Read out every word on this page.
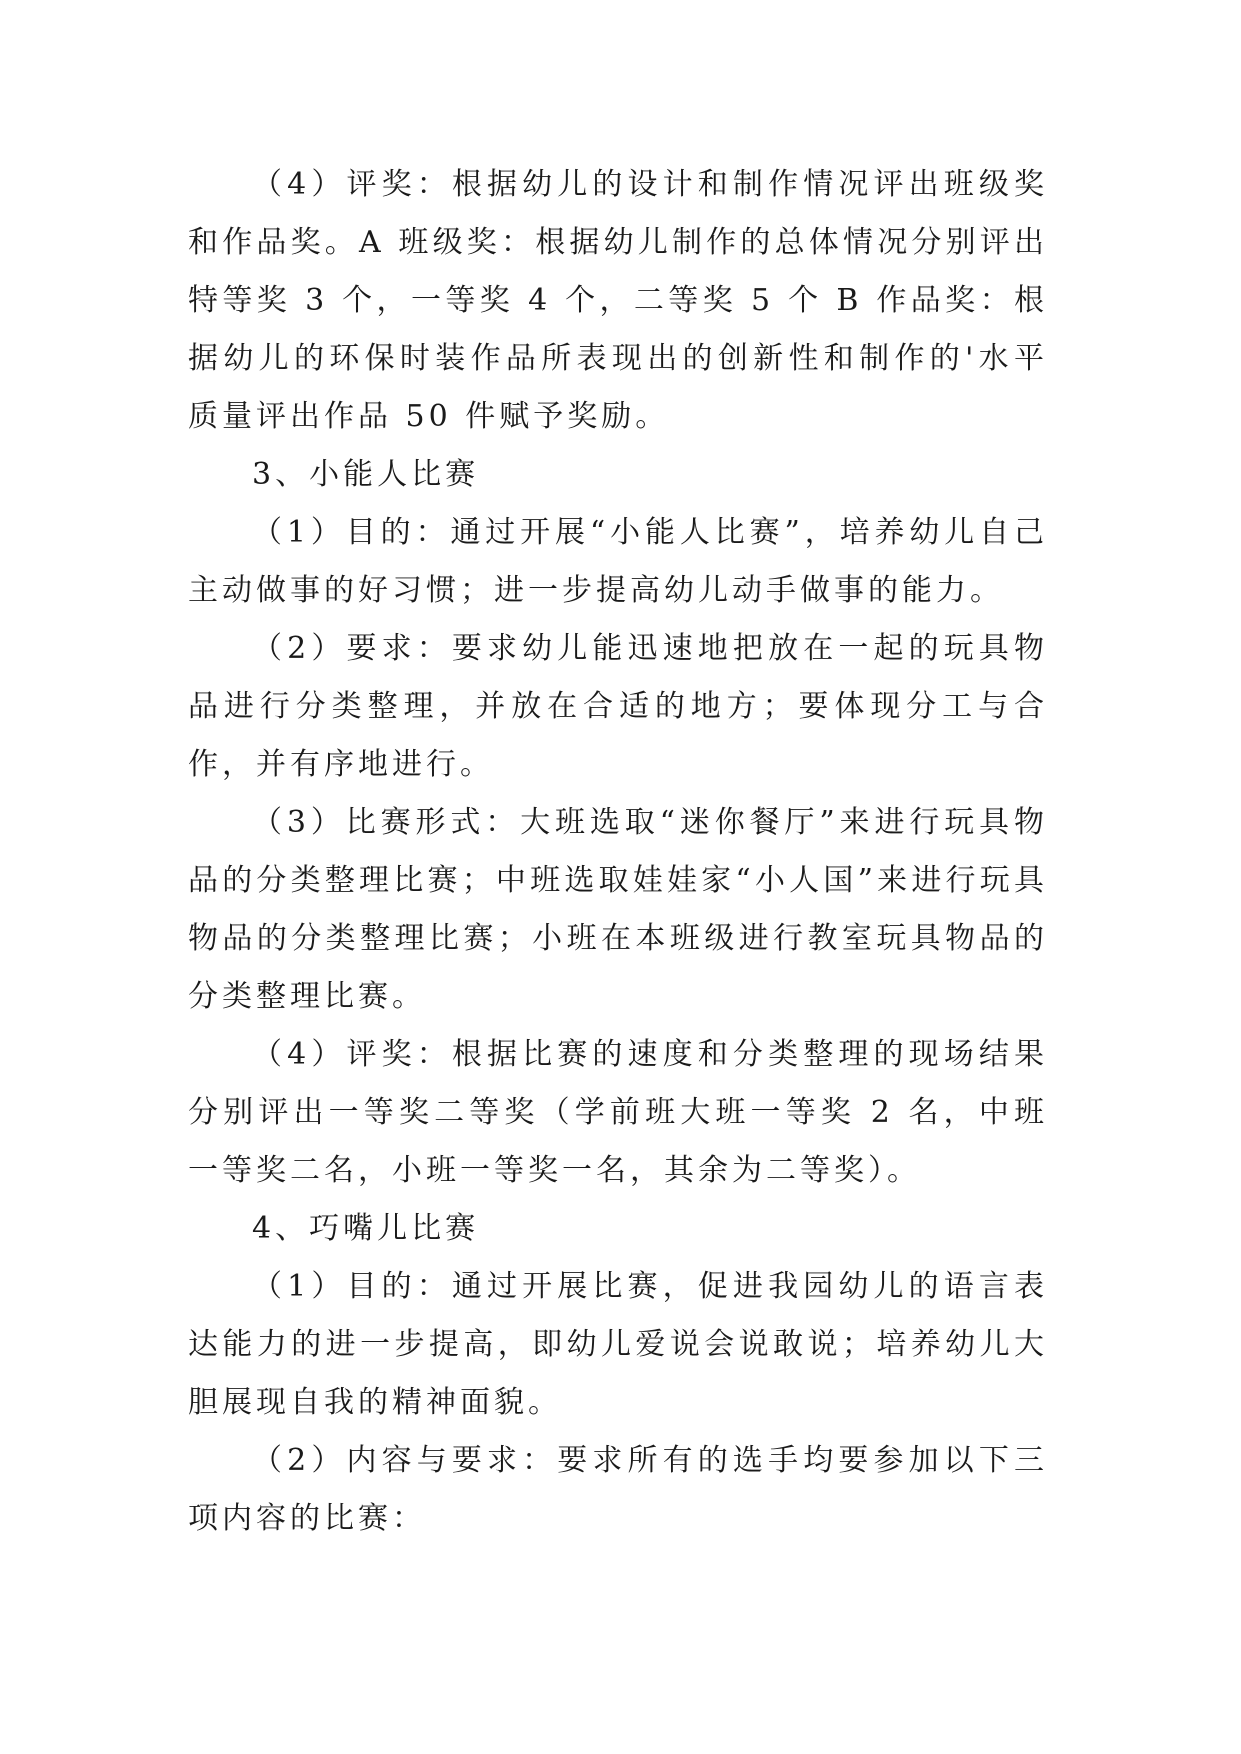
（4）评奖：根据幼儿的设计和制作情况评出班级奖和作品奖。A 班级奖：根据幼儿制作的总体情况分别评出特等奖 3 个，一等奖 4 个，二等奖 5 个 B 作品奖：根据幼儿的环保时装作品所表现出的创新性和制作的'水平质量评出作品 50 件赋予奖励。

3、小能人比赛

（1）目的：通过开展“小能人比赛”，培养幼儿自己主动做事的好习惯；进一步提高幼儿动手做事的能力。

（2）要求：要求幼儿能迅速地把放在一起的玩具物品进行分类整理，并放在合适的地方；要体现分工与合作，并有序地进行。

（3）比赛形式：大班选取“迷你餐厅”来进行玩具物品的分类整理比赛；中班选取娃娃家“小人国”来进行玩具物品的分类整理比赛；小班在本班级进行教室玩具物品的分类整理比赛。

（4）评奖：根据比赛的速度和分类整理的现场结果分别评出一等奖二等奖（学前班大班一等奖 2 名，中班一等奖二名，小班一等奖一名，其余为二等奖）。

4、巧嘴儿比赛

（1）目的：通过开展比赛，促进我园幼儿的语言表达能力的进一步提高，即幼儿爱说会说敢说；培养幼儿大胆展现自我的精神面貌。

（2）内容与要求：要求所有的选手均要参加以下三项内容的比赛：
